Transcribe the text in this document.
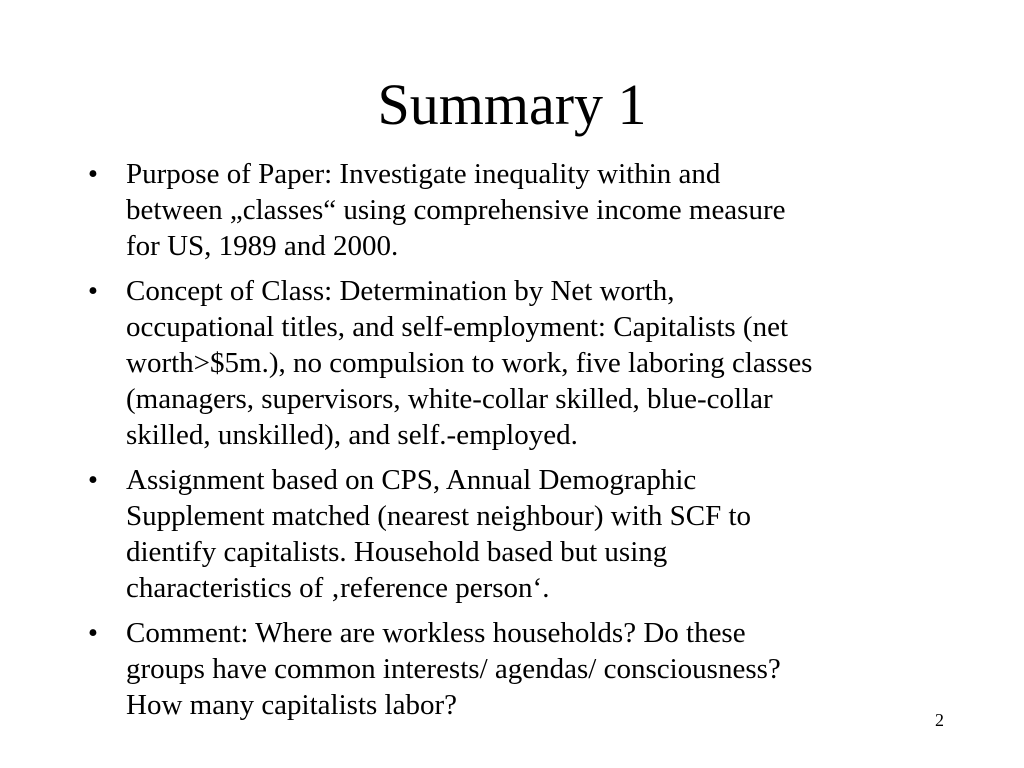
Summary 1
• Purpose of Paper: Investigate inequality within and
between „classes“ using comprehensive income measure
for US, 1989 and 2000.
• Concept of Class: Determination by Net worth,
occupational titles, and self-employment: Capitalists (net
worth>$5m.), no compulsion to work, five laboring classes
(managers, supervisors, white-collar skilled, blue-collar
skilled, unskilled), and self.-employed.
• Assignment based on CPS, Annual Demographic
Supplement matched (nearest neighbour) with SCF to
dientify capitalists. Household based but using
characteristics of ‚reference person‘.
• Comment: Where are workless households? Do these
groups have common interests/ agendas/ consciousness?
How many capitalists labor?	2
